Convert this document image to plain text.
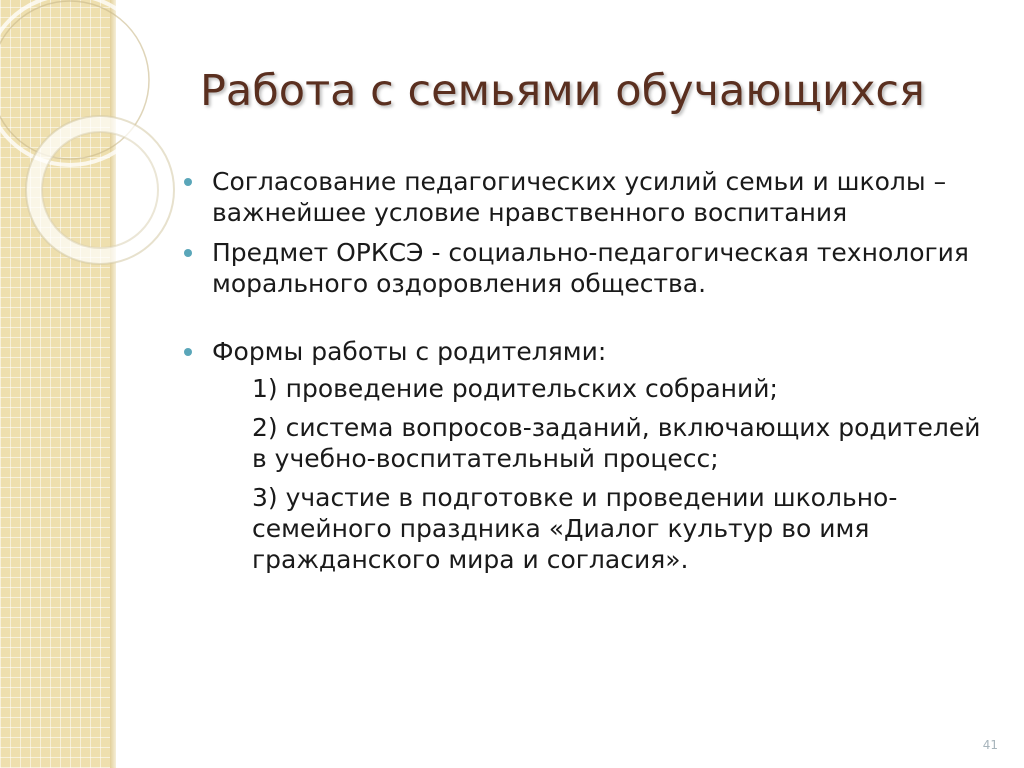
Работа с семьями обучающихся

Согласование педагогических усилий семьи и школы – важнейшее условие нравственного воспитания

Предмет ОРКСЭ - социально-педагогическая технология морального оздоровления общества.

Формы работы с родителями:

1) проведение родительских собраний;

2) система вопросов-заданий, включающих родителей в учебно-воспитательный процесс;

3) участие в подготовке и проведении школьно-семейного праздника «Диалог культур во имя гражданского мира и согласия».

41
